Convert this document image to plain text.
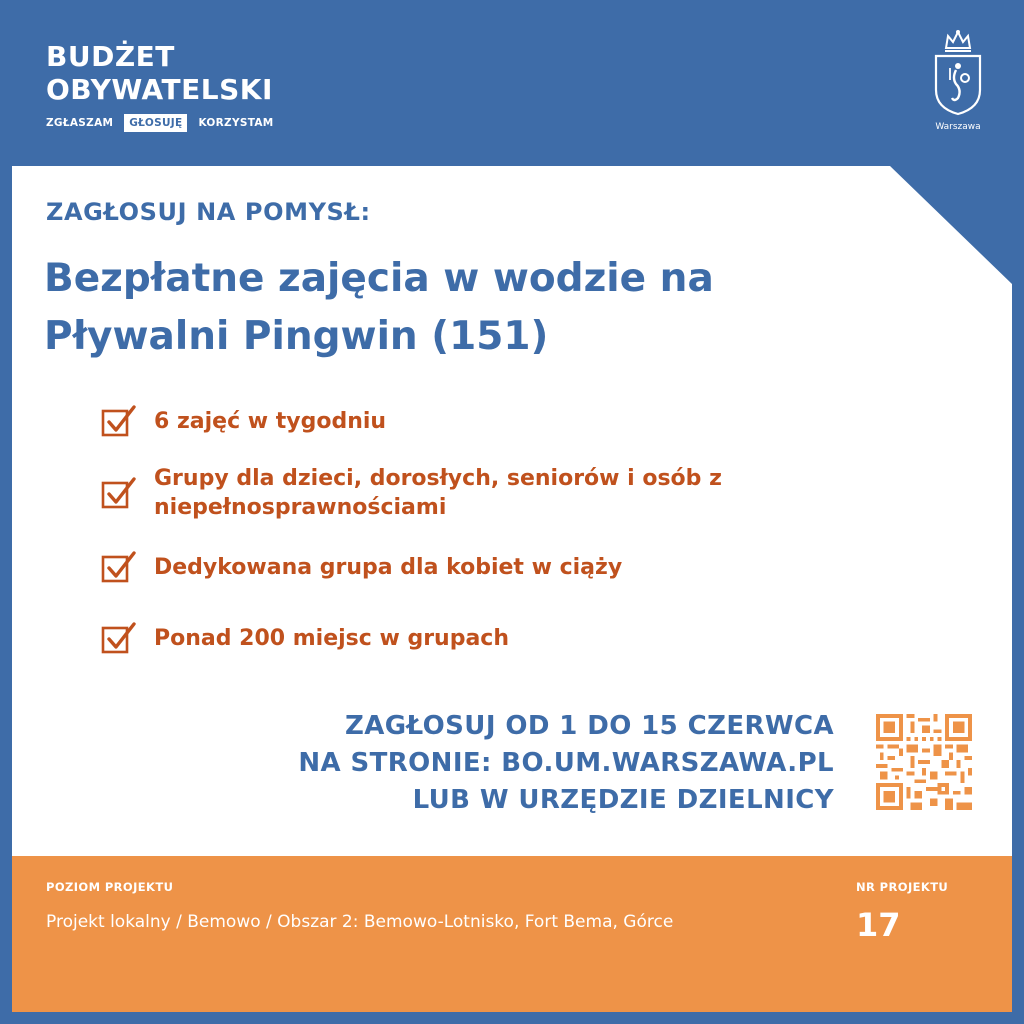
BUDŻET
OBYWATELSKI
ZGŁASZAM	GŁOSUJĘ	KORZYSTAM	Warszawa
ZAGŁOSUJ NA POMYSŁ:
Bezpłatne zajęcia w wodzie na
Pływalni Pingwin (151)
6 zajęć w tygodniu
Grupy dla dzieci, dorosłych, seniorów i osób z
niepełnosprawnościami
Dedykowana grupa dla kobiet w ciąży
Ponad 200 miejsc w grupach
ZAGŁOSUJ OD 1 DO 15 CZERWCA
NA STRONIE: BO.UM.WARSZAWA.PL
LUB W URZĘDZIE DZIELNICY
POZIOM PROJEKTU
Projekt lokalny / Bemowo / Obszar 2: Bemowo-Lotnisko, Fort Bema, Górce
NR PROJEKTU
17
